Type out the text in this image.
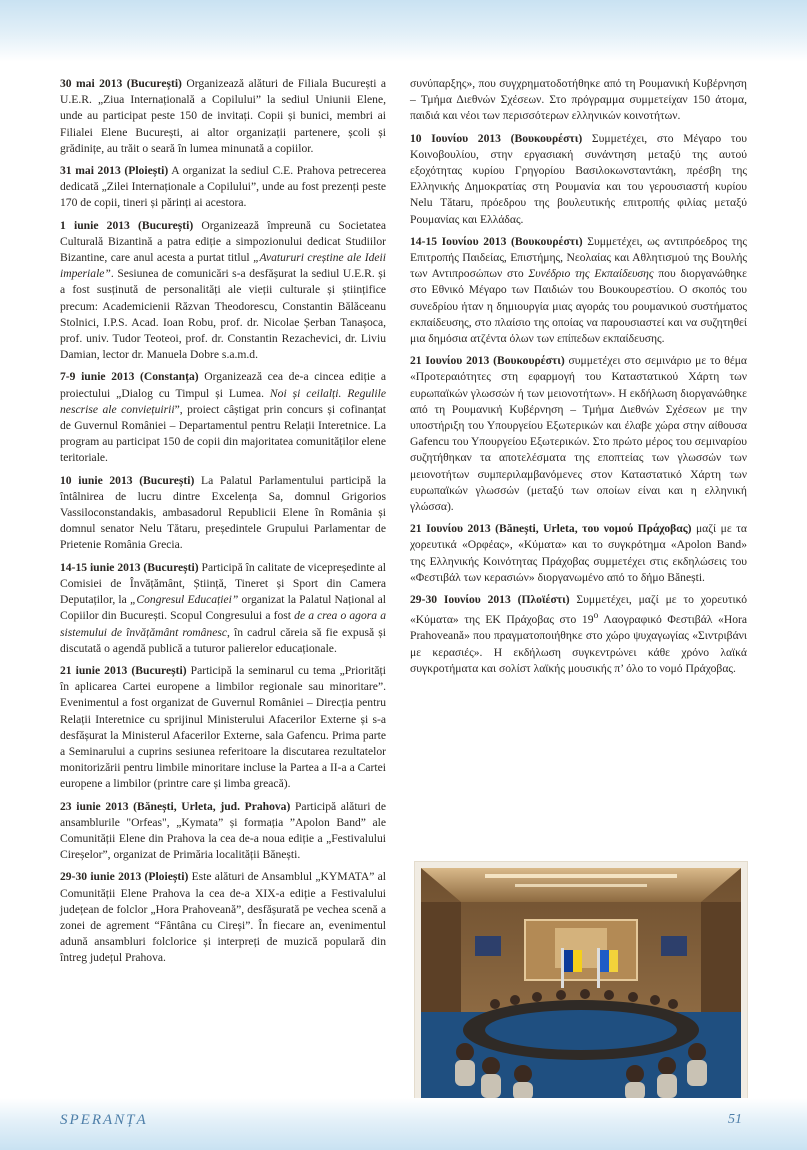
30 mai 2013 (București) Organizează alături de Filiala București a U.E.R. „Ziua Internațională a Copilului” la sediul Uniunii Elene, unde au participat peste 150 de invitați. Copii și bunici, membri ai Filialei Elene București, ai altor organizații partenere, școli și grădinițe, au trăit o seară în lumea minunată a copiilor.

31 mai 2013 (Ploiești) A organizat la sediul C.E. Prahova petrecerea dedicată „Zilei Internaționale a Copilului”, unde au fost prezenți peste 170 de copii, tineri și părinți ai acestora.

1 iunie 2013 (București) Organizează împreună cu Societatea Culturală Bizantină a patra ediție a simpozionului dedicat Studiilor Bizantine, care anul acesta a purtat titlul „Avatururi creștine ale Ideii imperiale”. Sesiunea de comunicări s-a desfășurat la sediul U.E.R. și a fost susținută de personalități ale vieții culturale și științifice precum: Academicienii Răzvan Theodorescu, Constantin Bălăceanu Stolnici, I.P.S. Acad. Ioan Robu, prof. dr. Nicolae Șerban Tanașoca, prof. univ. Tudor Teoteoi, prof. dr. Constantin Rezachevici, dr. Liviu Damian, lector dr. Manuela Dobre s.a.m.d.

7-9 iunie 2013 (Constanța) Organizează cea de-a cincea ediție a proiectului „Dialog cu Timpul și Lumea. Noi și ceilalți. Regulile nescrise ale conviețuirii”, proiect câștigat prin concurs și cofinanțat de Guvernul României – Departamentul pentru Relații Interetnice. La program au participat 150 de copii din majoritatea comunităților elene teritoriale.

10 iunie 2013 (București) La Palatul Parlamentului participă la întâlnirea de lucru dintre Excelența Sa, domnul Grigorios Vassiloconstandakis, ambasadorul Republicii Elene în România și domnul senator Nelu Tătaru, președintele Grupului Parlamentar de Prietenie România Grecia.

14-15 iunie 2013 (București) Participă în calitate de vicepreședinte al Comisiei de Învățământ, Știință, Tineret și Sport din Camera Deputaților, la „Congresul Educației” organizat la Palatul Național al Copiilor din București. Scopul Congresului a fost de a crea o agora a sistemului de învățământ românesc, în cadrul căreia să fie expusă și discutată o agendă publică a tuturor palierelor educaționale.

21 iunie 2013 (București) Participă la seminarul cu tema „Priorități în aplicarea Cartei europene a limbilor regionale sau minoritare”. Evenimentul a fost organizat de Guvernul României – Direcția pentru Relații Interetnice cu sprijinul Ministerului Afacerilor Externe și s-a desfășurat la Ministerul Afacerilor Externe, sala Gafencu. Prima parte a Seminarului a cuprins sesiunea referitoare la discutarea rezultatelor monitorizării pentru limbile minoritare incluse la Partea a II-a a Cartei europene a limbilor (printre care și limba greacă).

23 iunie 2013 (Bănești, Urleta, jud. Prahova) Participă alături de ansamblurile "Orfeas", „Kymata” și formația ”Apolon Band” ale Comunității Elene din Prahova la cea de-a noua ediție a „Festivalului Cireșelor”, organizat de Primăria localității Bănești.

29-30 iunie 2013 (Ploiești) Este alături de Ansamblul „KYMATA” al Comunității Elene Prahova la cea de-a XIX-a ediție a Festivalului județean de folclor „Hora Prahoveană”, desfășurată pe vechea scenă a zonei de agrement “Fântâna cu Cireși”. În fiecare an, evenimentul adună ansambluri folclorice și interpreți de muzică populară din întreg județul Prahova.

συνύπαρξης», που συγχρηματοδοτήθηκε από τη Ρουμανική Κυβέρνηση – Τμήμα Διεθνών Σχέσεων. Στο πρόγραμμα συμμετείχαν 150 άτομα, παιδιά και νέοι των περισσότερων ελληνικών κοινοτήτων.

10 Ιουνίου 2013 (Βουκουρέστι) Συμμετέχει, στο Μέγαρο του Κοινοβουλίου, στην εργασιακή συνάντηση μεταξύ της αυτού εξοχότητας κυρίου Γρηγορίου Βασιλοκωνσταντάκη, πρέσβη της Ελληνικής Δημοκρατίας στη Ρουμανία και του γερουσιαστή κυρίου Nelu Tătaru, πρόεδρου της βουλευτικής επιτροπής φιλίας μεταξύ Ρουμανίας και Ελλάδας.

14-15 Ιουνίου 2013 (Βουκουρέστι) Συμμετέχει, ως αντιπρόεδρος της Επιτροπής Παιδείας, Επιστήμης, Νεολαίας και Αθλητισμού της Βουλής των Αντιπροσώπων στο Συνέδριο της Εκπαίδευσης που διοργανώθηκε στο Εθνικό Μέγαρο των Παιδιών του Βουκουρεστίου. Ο σκοπός του συνεδρίου ήταν η δημιουργία μιας αγοράς του ρουμανικού συστήματος εκπαίδευσης, στο πλαίσιο της οποίας να παρουσιαστεί και να συζητηθεί μια δημόσια ατζέντα όλων των επίπεδων εκπαίδευσης.

21 Ιουνίου 2013 (Βουκουρέστι) συμμετέχει στο σεμινάριο με το θέμα «Προτεραιότητες στη εφαρμογή του Καταστατικού Χάρτη των ευρωπαϊκών γλωσσών ή των μειονοτήτων». Η εκδήλωση διοργανώθηκε από τη Ρουμανική Κυβέρνηση – Τμήμα Διεθνών Σχέσεων με την υποστήριξη του Υπουργείου Εξωτερικών και έλαβε χώρα στην αίθουσα Gafencu του Υπουργείου Εξωτερικών. Στο πρώτο μέρος του σεμιναρίου συζητήθηκαν τα αποτελέσματα της εποπτείας των γλωσσών των μειονοτήτων συμπεριλαμβανόμενες στον Καταστατικό Χάρτη των ευρωπαϊκών γλωσσών (μεταξύ των οποίων είναι και η ελληνική γλώσσα).

21 Ιουνίου 2013 (Bănești, Urleta, του νομού Πράχοβας) μαζί με τα χορευτικά «Ορφέας», «Κύματα» και το συγκρότημα «Apolon Band» της Ελληνικής Κοινότητας Πράχοβας συμμετέχει στις εκδηλώσεις του «Φεστιβάλ των κερασιών» διοργανωμένο από το δήμο Bănești.

29-30 Ιουνίου 2013 (Πλοϊέστι) Συμμετέχει, μαζί με το χορευτικό «Κύματα» της ΕΚ Πράχοβας στο $19^o$ Λαογραφικό Φεστιβάλ «Hora Prahoveană» που πραγματοποιήθηκε στο χώρο ψυχαγωγίας «Σιντριβάνι με κερασιές». Η εκδήλωση συγκεντρώνει κάθε χρόνο λαϊκά συγκροτήματα και σολίστ λαϊκής μουσικής π’ όλο το νομό Πράχοβας.

SPERANȚA	51
